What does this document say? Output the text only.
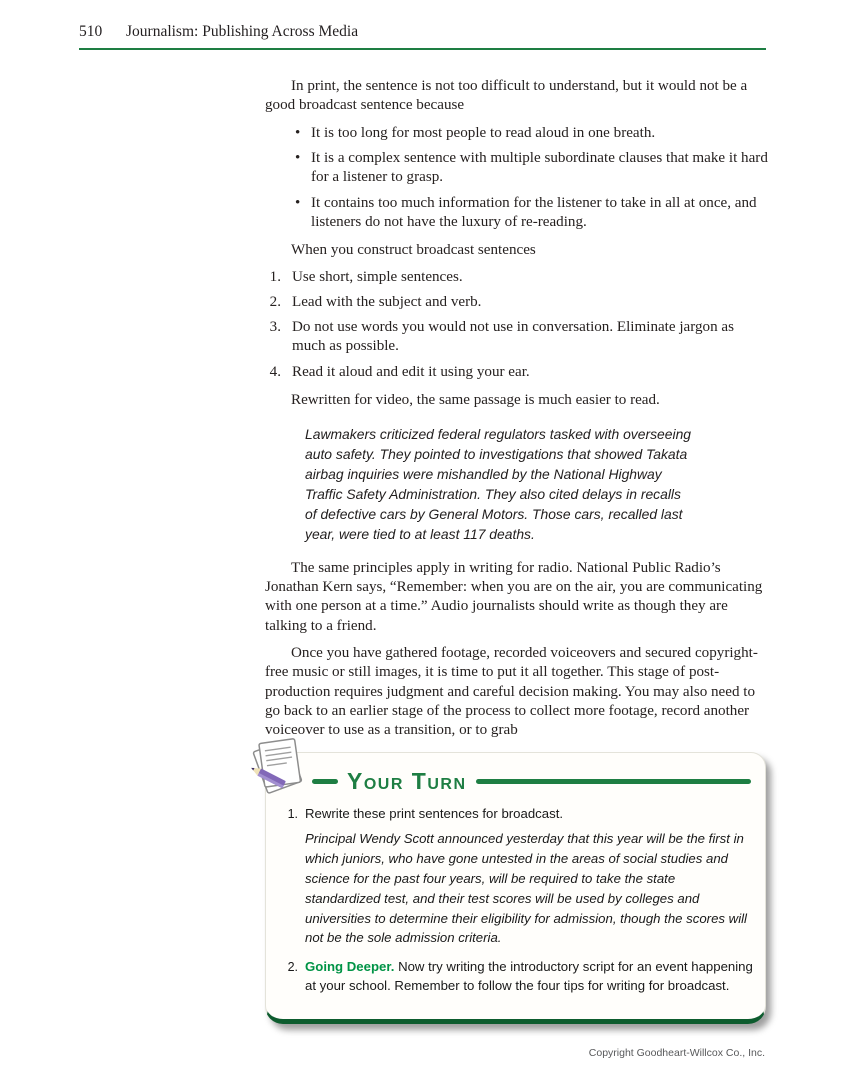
510	Journalism: Publishing Across Media

In print, the sentence is not too difficult to understand, but it would not be a good broadcast sentence because

• It is too long for most people to read aloud in one breath.
• It is a complex sentence with multiple subordinate clauses that make it hard for a listener to grasp.
• It contains too much information for the listener to take in all at once, and listeners do not have the luxury of re-reading.

When you construct broadcast sentences

1. Use short, simple sentences.
2. Lead with the subject and verb.
3. Do not use words you would not use in conversation. Eliminate jargon as much as possible.
4. Read it aloud and edit it using your ear.

Rewritten for video, the same passage is much easier to read.

Lawmakers criticized federal regulators tasked with overseeing auto safety. They pointed to investigations that showed Takata airbag inquiries were mishandled by the National Highway Traffic Safety Administration. They also cited delays in recalls of defective cars by General Motors. Those cars, recalled last year, were tied to at least 117 deaths.

The same principles apply in writing for radio. National Public Radio’s Jonathan Kern says, “Remember: when you are on the air, you are communicating with one person at a time.” Audio journalists should write as though they are talking to a friend.

Once you have gathered footage, recorded voiceovers and secured copyright-free music or still images, it is time to put it all together. This stage of post-production requires judgment and careful decision making. You may also need to go back to an earlier stage of the process to collect more footage, record another voiceover to use as a transition, or to grab

Your Turn
1. Rewrite these print sentences for broadcast.

Principal Wendy Scott announced yesterday that this year will be the first in which juniors, who have gone untested in the areas of social studies and science for the past four years, will be required to take the state standardized test, and their test scores will be used by colleges and universities to determine their eligibility for admission, though the scores will not be the sole admission criteria.

2. Going Deeper. Now try writing the introductory script for an event happening at your school. Remember to follow the four tips for writing for broadcast.

Copyright Goodheart-Willcox Co., Inc.
